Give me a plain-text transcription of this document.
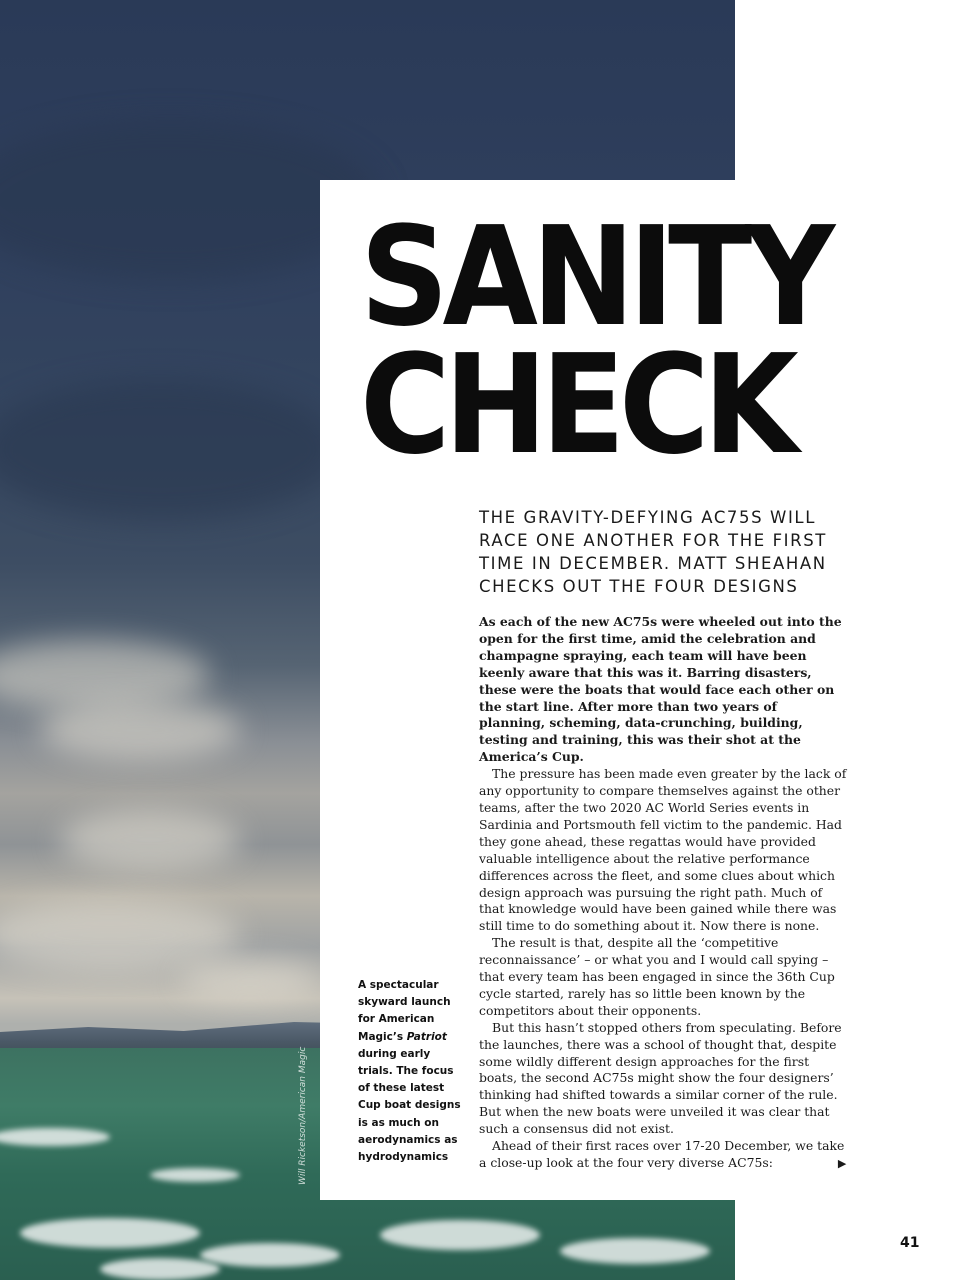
SANITY
CHECK

THE GRAVITY-DEFYING AC75S WILL RACE ONE ANOTHER FOR THE FIRST TIME IN DECEMBER. MATT SHEAHAN CHECKS OUT THE FOUR DESIGNS

As each of the new AC75s were wheeled out into the open for the first time, amid the celebration and champagne spraying, each team will have been keenly aware that this was it. Barring disasters, these were the boats that would face each other on the start line. After more than two years of planning, scheming, data-crunching, building, testing and training, this was their shot at the America’s Cup.

The pressure has been made even greater by the lack of any opportunity to compare themselves against the other teams, after the two 2020 AC World Series events in Sardinia and Portsmouth fell victim to the pandemic. Had they gone ahead, these regattas would have provided valuable intelligence about the relative performance differences across the fleet, and some clues about which design approach was pursuing the right path. Much of that knowledge would have been gained while there was still time to do something about it. Now there is none.

The result is that, despite all the ‘competitive reconnaissance’ – or what you and I would call spying – that every team has been engaged in since the 36th Cup cycle started, rarely has so little been known by the competitors about their opponents.

But this hasn’t stopped others from speculating. Before the launches, there was a school of thought that, despite some wildly different design approaches for the first boats, the second AC75s might show the four designers’ thinking had shifted towards a similar corner of the rule. But when the new boats were unveiled it was clear that such a consensus did not exist.

Ahead of their first races over 17-20 December, we take a close-up look at the four very diverse AC75s:	▶

A spectacular skyward launch for American Magic’s Patriot during early trials. The focus of these latest Cup boat designs is as much on aerodynamics as hydrodynamics
Will Ricketson/American Magic
41
